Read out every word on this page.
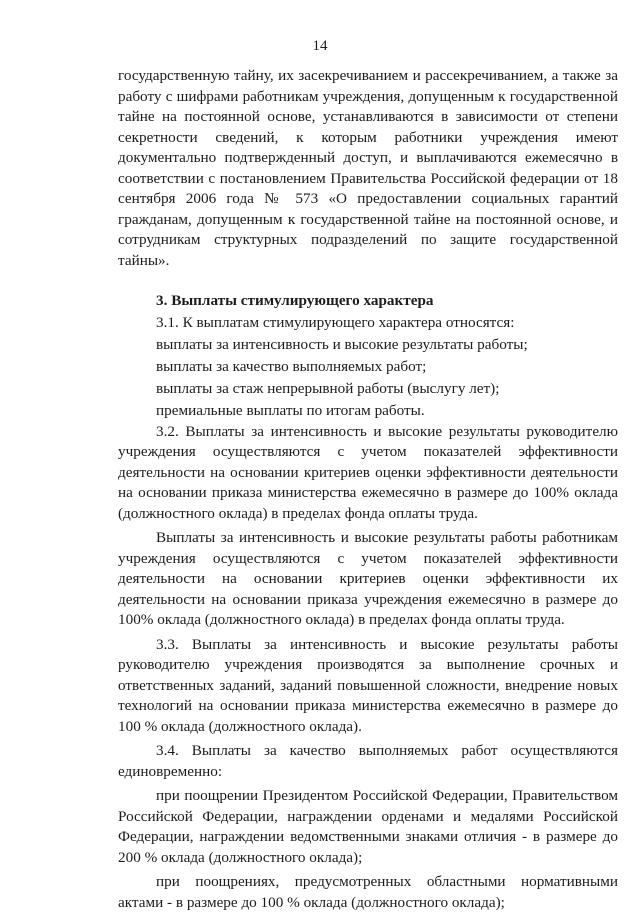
14

государственную тайну, их засекречиванием и рассекречиванием, а также за работу с шифрами работникам учреждения, допущенным к государственной тайне на постоянной основе, устанавливаются в зависимости от степени секретности сведений, к которым работники учреждения имеют документально подтвержденный доступ, и выплачиваются ежемесячно в соответствии с постановлением Правительства Российской федерации от 18 сентября 2006 года № 573 «О предоставлении социальных гарантий гражданам, допущенным к государственной тайне на постоянной основе, и сотрудникам структурных подразделений по защите государственной тайны».

3. Выплаты стимулирующего характера

3.1. К выплатам стимулирующего характера относятся:

выплаты за интенсивность и высокие результаты работы;

выплаты за качество выполняемых работ;

выплаты за стаж непрерывной работы (выслугу лет);

премиальные выплаты по итогам работы.

3.2. Выплаты за интенсивность и высокие результаты руководителю учреждения осуществляются с учетом показателей эффективности деятельности на основании критериев оценки эффективности деятельности на основании приказа министерства ежемесячно в размере до 100% оклада (должностного оклада) в пределах фонда оплаты труда.

Выплаты за интенсивность и высокие результаты работы работникам учреждения осуществляются с учетом показателей эффективности деятельности на основании критериев оценки эффективности их деятельности на основании приказа учреждения ежемесячно в размере до 100% оклада (должностного оклада) в пределах фонда оплаты труда.

3.3. Выплаты за интенсивность и высокие результаты работы руководителю учреждения производятся за выполнение срочных и ответственных заданий, заданий повышенной сложности, внедрение новых технологий на основании приказа министерства ежемесячно в размере до 100 % оклада (должностного оклада).

3.4. Выплаты за качество выполняемых работ осуществляются единовременно:

при поощрении Президентом Российской Федерации, Правительством Российской Федерации, награждении орденами и медалями Российской Федерации, награждении ведомственными знаками отличия - в размере до 200 % оклада (должностного оклада);

при поощрениях, предусмотренных областными нормативными актами - в размере до 100 % оклада (должностного оклада);
